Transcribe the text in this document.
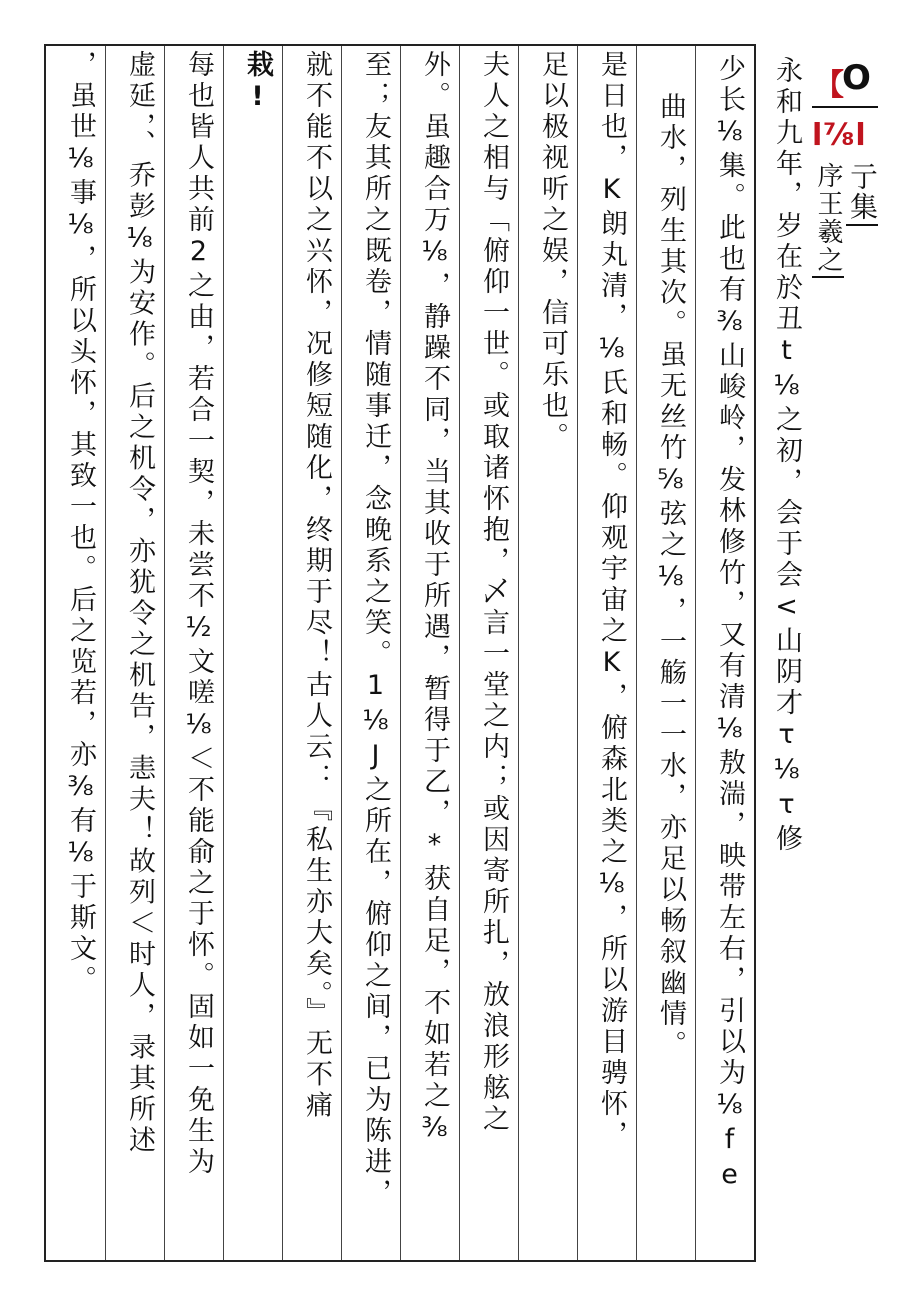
【
O
l⅞l
亍集
序王羲之
永和九年，岁在於丑t⅛之初，会于会<山阴才τ⅛τ修
少长⅛集。此也有⅜山峻岭，发林修竹，又有清⅛敖湍，映带左右，引以为⅛fe
曲水，列生其次。虽无丝竹⅝弦之⅛，一觞一一水，亦足以畅叙幽情。
是日也，K朗丸清，⅛氏和畅。仰观宇宙之K，俯森北类之⅛，所以游目骋怀，
足以极视听之娱，信可乐也。
夫人之相与「俯仰一世。或取诸怀抱，乄言一堂之内；或因寄所扎，放浪形舷之
外。虽趣合万⅛，静躁不同，当其收于所遇，暂得于乙，*获自足，不如若之⅜
至；友其所之既卷，情随事迁，念晚系之笑。1⅛J之所在，俯仰之间，已为陈进，
就不能不以之兴怀，况修短随化，终期于尽！古人云：『私生亦大矣。』无不痛
栽!
每也皆人共前2之由，若合一契，未尝不½文嗟⅛＜不能俞之于怀。固如一免生为
虚延，、乔彭⅛为安作。后之机令，亦犹令之机告，恚夫！故列＜时人，录其所述
，虽世⅛事⅛，所以头怀，其致一也。后之览若，亦⅜有⅛于斯文。
